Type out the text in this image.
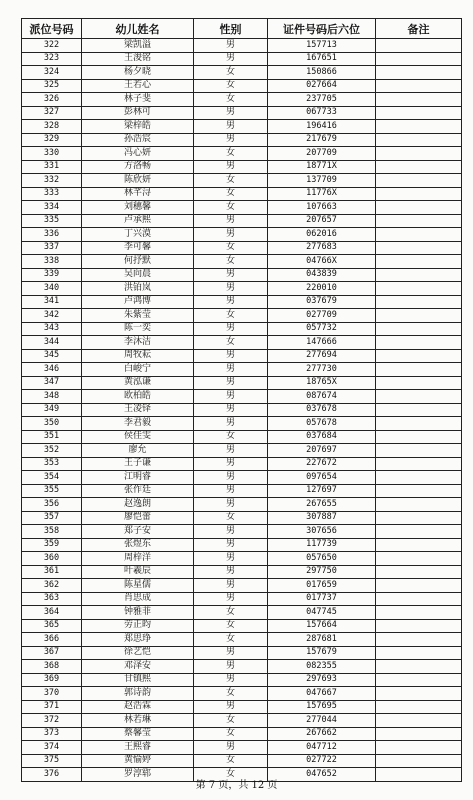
派位号码	幼儿姓名	性别	证件号码后六位	备注
322	梁凯溢	男	157713	
323	王浚铭	男	167651	
324	杨夕晓	女	150866	
325	王若心	女	027664	
326	林子斐	女	237705	
327	彭林可	男	067733	
328	梁梓皓	男	196416	
329	孙浩宸	男	217679	
330	冯心妍	女	207709	
331	方洛畅	男	18771X	
332	陈欣妍	女	137709	
333	林芊浔	女	11776X	
334	刘穗馨	女	107663	
335	卢承熙	男	207657	
336	丁兴漠	男	062016	
337	李可馨	女	277683	
338	何抒默	女	04766X	
339	吴向晨	男	043839	
340	洪铂岚	男	220010	
341	卢鸿博	男	037679	
342	朱紫莹	女	027709	
343	陈一奕	男	057732	
344	李沐洁	女	147666	
345	周牧耘	男	277694	
346	白峻宁	男	277730	
347	黄泓谦	男	18765X	
348	欧柏皓	男	087674	
349	王凌铎	男	037678	
350	李君毅	男	057678	
351	侯佳雯	女	037684	
352	廖允	男	207697	
353	王子谦	男	227672	
354	江明睿	男	097654	
355	张作廷	男	127697	
356	赵逸朗	男	267655	
357	廖恺蕾	女	307887	
358	郑子安	男	307656	
359	张煜东	男	117739	
360	周梓洋	男	057650	
361	叶羲辰	男	297750	
362	陈星儒	男	017659	
363	肖思成	男	017737	
364	钟雅菲	女	047745	
365	劳正昀	女	157664	
366	郑思琤	女	287681	
367	徐艺恺	男	157679	
368	邓泽安	男	082355	
369	甘镇熙	男	297693	
370	郭诗韵	女	047667	
371	赵浩霖	男	157695	
372	林若琳	女	277044	
373	蔡馨莹	女	267662	
374	王熙睿	男	047712	
375	黄愉婷	女	027722	
376	罗淳郓	女	047652	
第 7 页，共 12 页
